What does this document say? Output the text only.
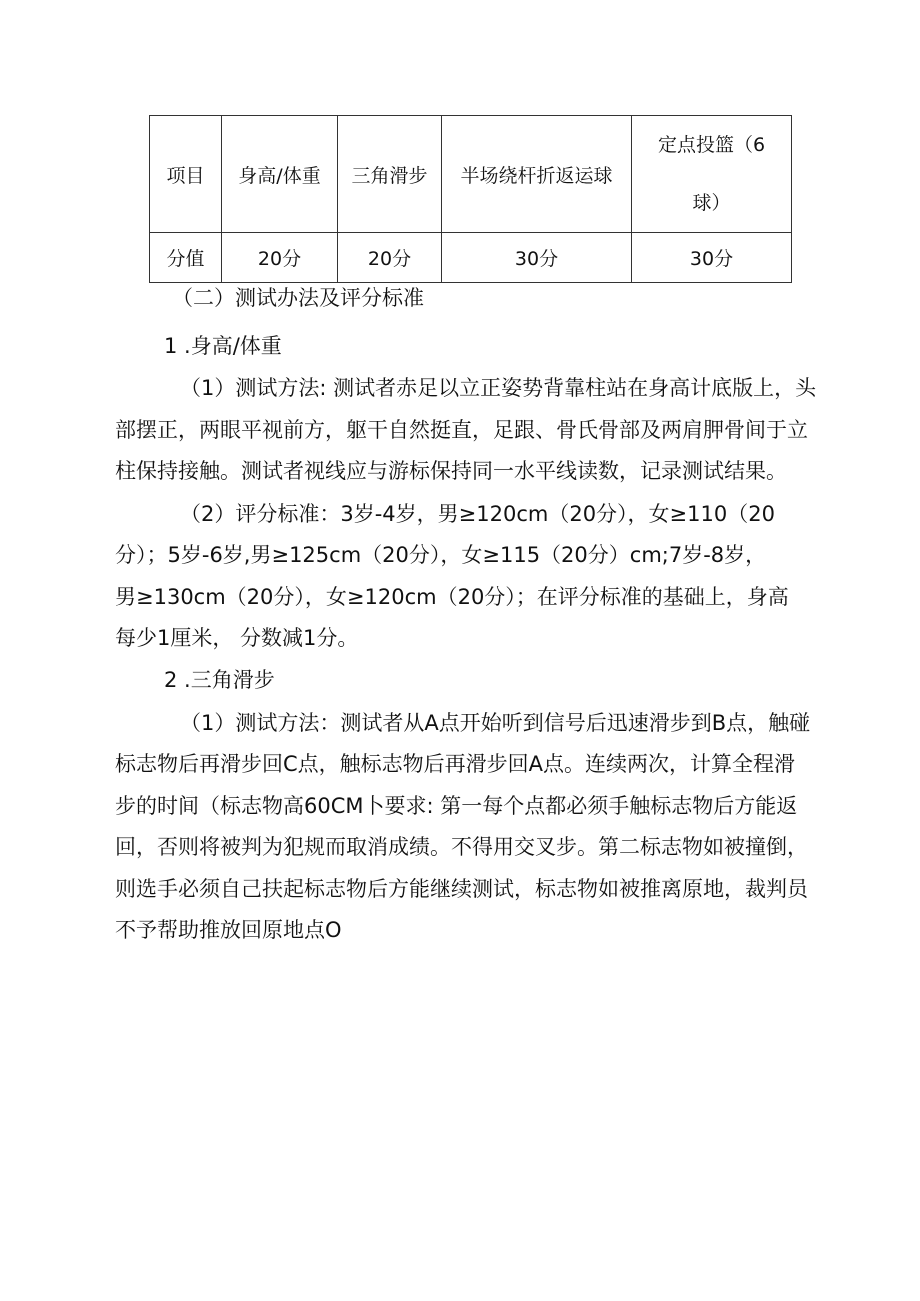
项目	身高/体重	三角滑步	半场绕杆折返运球	定点投篮（6
球）

分值	20分	20分	30分	30分
（二）测试办法及评分标准
1 .身高/体重
（1）测试方法: 测试者赤足以立正姿势背靠柱站在身高计底版上，头
部摆正，两眼平视前方，躯干自然挺直，足跟、骨氏骨部及两肩胛骨间于立
柱保持接触。测试者视线应与游标保持同一水平线读数，记录测试结果。
（2）评分标准：3岁-4岁，男≥120cm（20分），女≥110（20
分）；5岁-6岁,男≥125cm（20分），女≥115（20分）cm;7岁-8岁，
男≥130cm（20分），女≥120cm（20分）；在评分标准的基础上，身高
每少1厘米， 分数减1分。
2 .三角滑步
（1）测试方法：测试者从A点开始听到信号后迅速滑步到B点，触碰
标志物后再滑步回C点，触标志物后再滑步回A点。连续两次，计算全程滑
步的时间（标志物高60CM卜要求: 第一每个点都必须手触标志物后方能返
回，否则将被判为犯规而取消成绩。不得用交叉步。第二标志物如被撞倒，
则选手必须自己扶起标志物后方能继续测试，标志物如被推离原地，裁判员
不予帮助推放回原地点O
